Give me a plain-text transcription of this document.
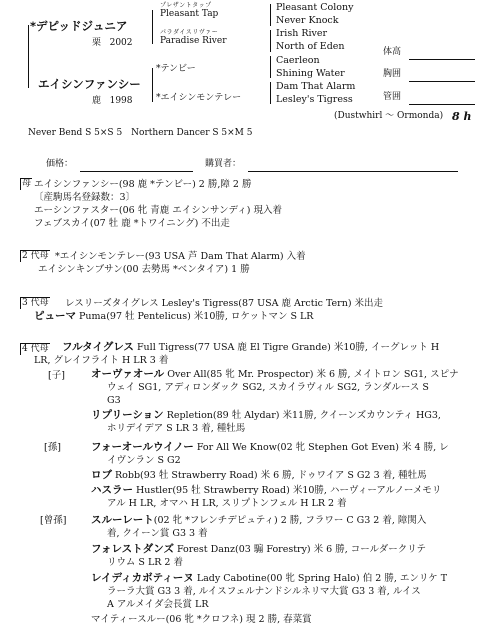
*デピッドジュニア
栗 2002
エイシンファンシー
鹿 1998
プレザントタップ
Pleasant Tap
パラダイスリヴァー
Paradise River
*テンビー
*エイシンモンテレー
Pleasant Colony
Never Knock
Irish River
North of Eden
Caerleon
Shining Water
Dam That Alarm
Lesley's Tigress
体高
胸囲
管囲
(Dustwhirl ～ Ormonda) 8 h
Never Bend S 5×S 5　Northern Dancer S 5×M 5
価格：	購買者：
母 エイシンファンシー(98 鹿 *テンビー) 2 勝,障 2 勝
〔産駒馬名登録数：3〕
エーシンファスター(06 牝 青鹿 エイシンサンディ) 現入着
フェブスカイ(07 牡 鹿 *トワイニング) 不出走
2 代母 *エイシンモンテレー(93 USA 芦 Dam That Alarm) 入着
エイシンキンブサン(00 去勢馬 *ベンタイア) 1 勝
3 代母 レスリーズタイグレス Lesley's Tigress(87 USA 鹿 Arctic Tern) 米出走
ピューマ Puma(97 牡 Pentelicus) 米10勝, ロケットマン S LR
4 代母 フルタイグレス Full Tigress(77 USA 鹿 El Tigre Grande) 米10勝, イーグレット H
LR, グレイフライト H LR 3 着
[子] オーヴァオール Over All(85 牝 Mr. Prospector) 米 6 勝, メイトロン SG1, スピナ
ウェイ SG1, アディロンダック SG2, スカイラヴィル SG2, ランダルース S
G3
リプリーション Repletion(89 牡 Alydar) 米11勝, クイーンズカウンティ HG3,
ホリデイデア S LR 3 着, 種牡馬
[孫]	フォーオールウイノー For All We Know(02 牝 Stephen Got Even) 米 4 勝, レ
イヴンラン S G2
ロブ Robb(93 牡 Strawberry Road) 米 6 勝, ドゥワイア S G2 3 着, 種牡馬
ハスラー Hustler(95 牡 Strawberry Road) 米10勝, ハーヴィーアルノーメモリ
アル H LR, オマハ H LR, スリプトンフェル H LR 2 着
[曾孫] スルーレート(02 牝 *フレンチデピュティ) 2 勝, フラワー C G3 2 着, 障関入
着, クイーン賞 G3 3 着
フォレストダンズ Forest Danz(03 騸 Forestry) 米 6 勝, コールダークリテ
リウム S LR 2 着
レイディカボティーヌ Lady Cabotine(00 牝 Spring Halo) 伯 2 勝, エンリケ T
ラーラ大賞 G3 3 着, ルイスフェルナンドシルネリマ大賞 G3 3 着, ルイス
A アルメイダ会長賞 LR
マイティースルー(06 牝 *クロフネ) 現 2 勝, 春菜賞
